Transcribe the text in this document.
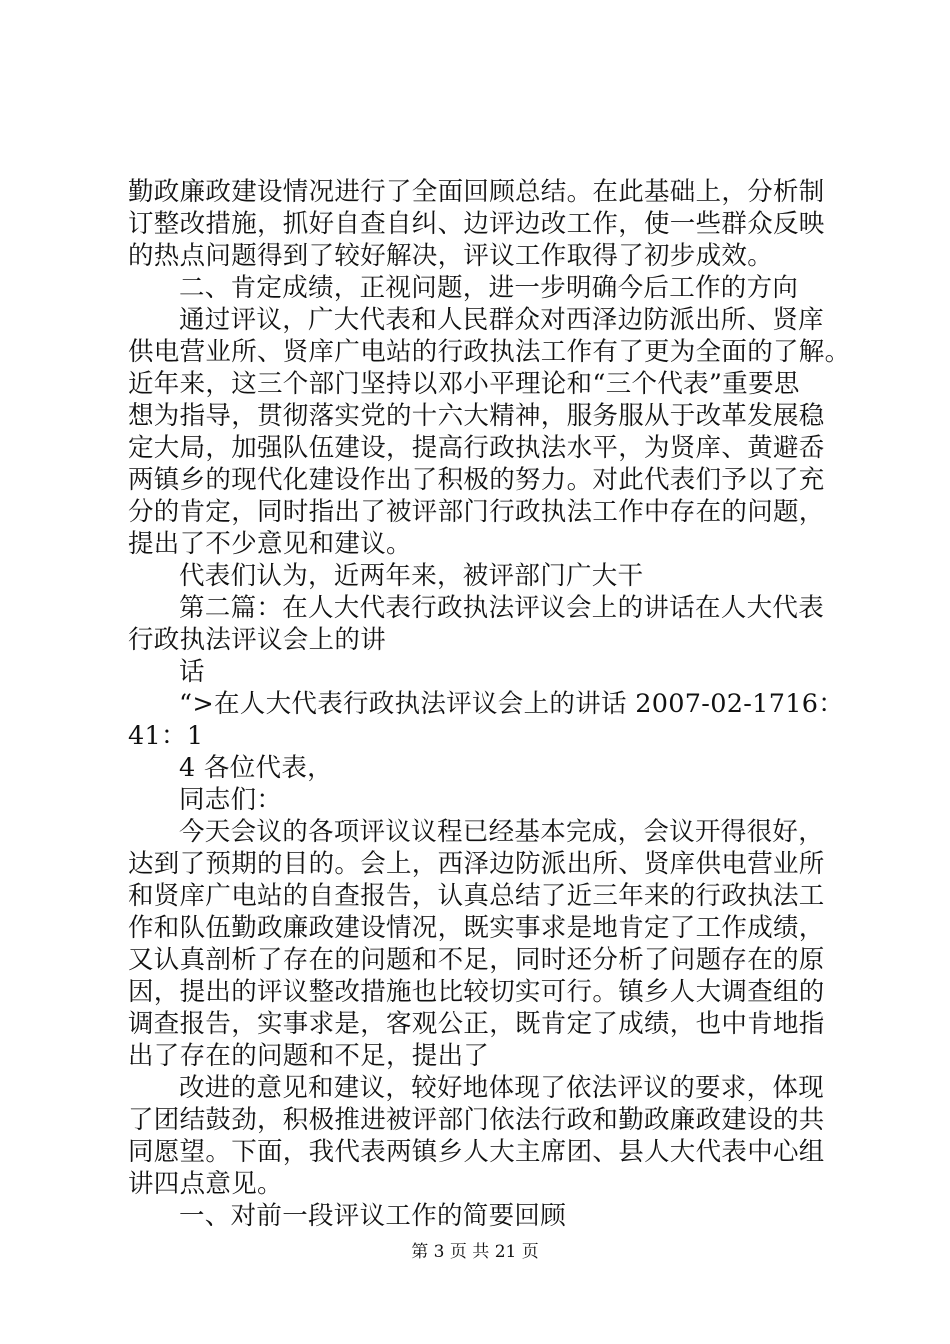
勤政廉政建设情况进行了全面回顾总结。在此基础上，分析制
订整改措施，抓好自查自纠、边评边改工作，使一些群众反映
的热点问题得到了较好解决，评议工作取得了初步成效。
二、肯定成绩，正视问题，进一步明确今后工作的方向
通过评议，广大代表和人民群众对西泽边防派出所、贤庠
供电营业所、贤庠广电站的行政执法工作有了更为全面的了解。
近年来，这三个部门坚持以邓小平理论和“三个代表”重要思
想为指导，贯彻落实党的十六大精神，服务服从于改革发展稳
定大局，加强队伍建设，提高行政执法水平，为贤庠、黄避岙
两镇乡的现代化建设作出了积极的努力。对此代表们予以了充
分的肯定，同时指出了被评部门行政执法工作中存在的问题，
提出了不少意见和建议。
代表们认为，近两年来，被评部门广大干
第二篇：在人大代表行政执法评议会上的讲话在人大代表
行政执法评议会上的讲
话
“>在人大代表行政执法评议会上的讲话 2007-02-1716：
41：1
4 各位代表，
同志们：
今天会议的各项评议议程已经基本完成，会议开得很好，
达到了预期的目的。会上，西泽边防派出所、贤庠供电营业所
和贤庠广电站的自查报告，认真总结了近三年来的行政执法工
作和队伍勤政廉政建设情况，既实事求是地肯定了工作成绩，
又认真剖析了存在的问题和不足，同时还分析了问题存在的原
因，提出的评议整改措施也比较切实可行。镇乡人大调查组的
调查报告，实事求是，客观公正，既肯定了成绩，也中肯地指
出了存在的问题和不足，提出了
改进的意见和建议，较好地体现了依法评议的要求，体现
了团结鼓劲，积极推进被评部门依法行政和勤政廉政建设的共
同愿望。下面，我代表两镇乡人大主席团、县人大代表中心组
讲四点意见。
一、对前一段评议工作的简要回顾
第 3 页 共 21 页
